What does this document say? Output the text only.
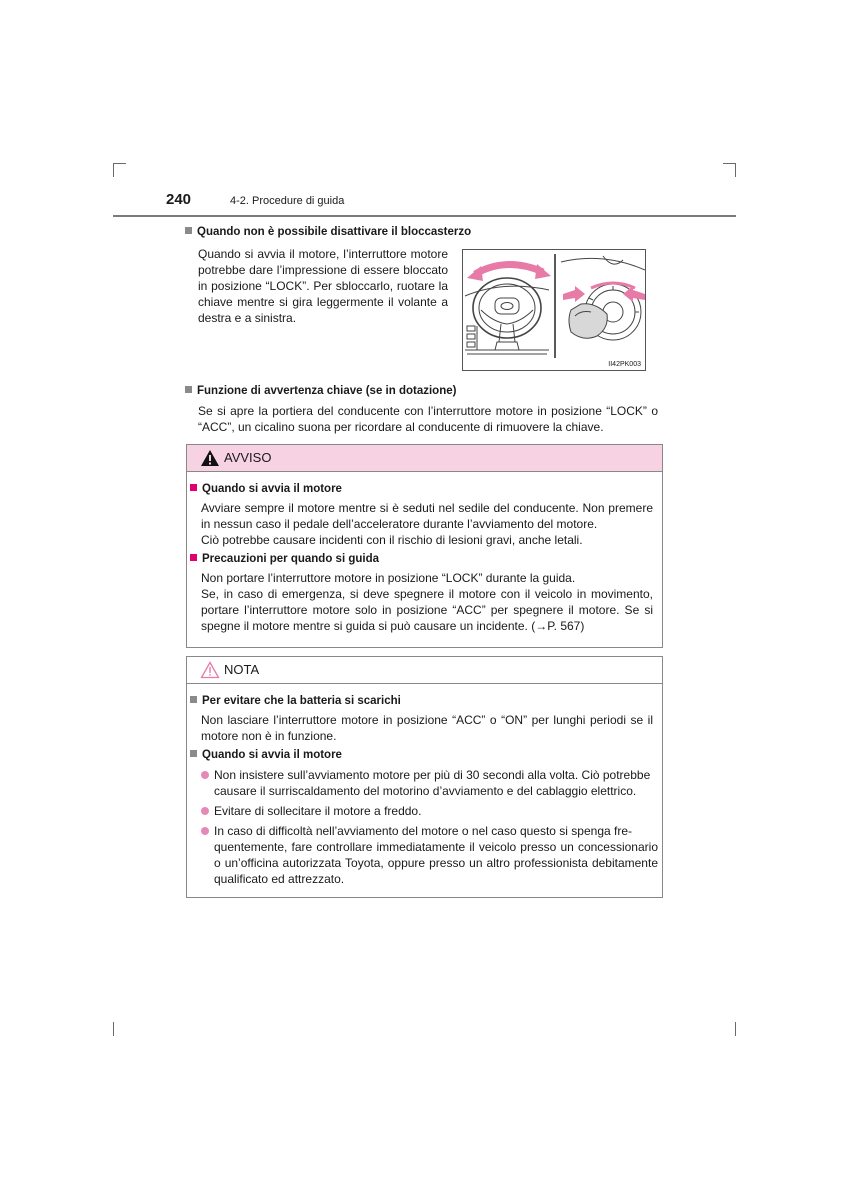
240	4-2. Procedure di guida
Quando non è possibile disattivare il bloccasterzo
Quando si avvia il motore, l’interruttore motore
potrebbe dare l’impressione di essere bloccato
in posizione “LOCK”. Per sbloccarlo, ruotare la
chiave mentre si gira leggermente il volante a
destra e a sinistra.
II42PK003
Funzione di avvertenza chiave (se in dotazione)
Se si apre la portiera del conducente con l’interruttore motore in posizione “LOCK” o
“ACC”, un cicalino suona per ricordare al conducente di rimuovere la chiave.
AVVISO
Quando si avvia il motore
Avviare sempre il motore mentre si è seduti nel sedile del conducente. Non premere
in nessun caso il pedale dell’acceleratore durante l’avviamento del motore.
Ciò potrebbe causare incidenti con il rischio di lesioni gravi, anche letali.
Precauzioni per quando si guida
Non portare l’interruttore motore in posizione “LOCK” durante la guida.
Se, in caso di emergenza, si deve spegnere il motore con il veicolo in movimento,
portare l’interruttore motore solo in posizione “ACC” per spegnere il motore. Se si
spegne il motore mentre si guida si può causare un incidente. (→P. 567)
NOTA
Per evitare che la batteria si scarichi
Non lasciare l’interruttore motore in posizione “ACC” o “ON” per lunghi periodi se il
motore non è in funzione.
Quando si avvia il motore
Non insistere sull’avviamento motore per più di 30 secondi alla volta. Ciò potrebbe
causare il surriscaldamento del motorino d’avviamento e del cablaggio elettrico.
Evitare di sollecitare il motore a freddo.
In caso di difficoltà nell’avviamento del motore o nel caso questo si spenga fre-
quentemente, fare controllare immediatamente il veicolo presso un concessionario
o un’officina autorizzata Toyota, oppure presso un altro professionista debitamente
qualificato ed attrezzato.
